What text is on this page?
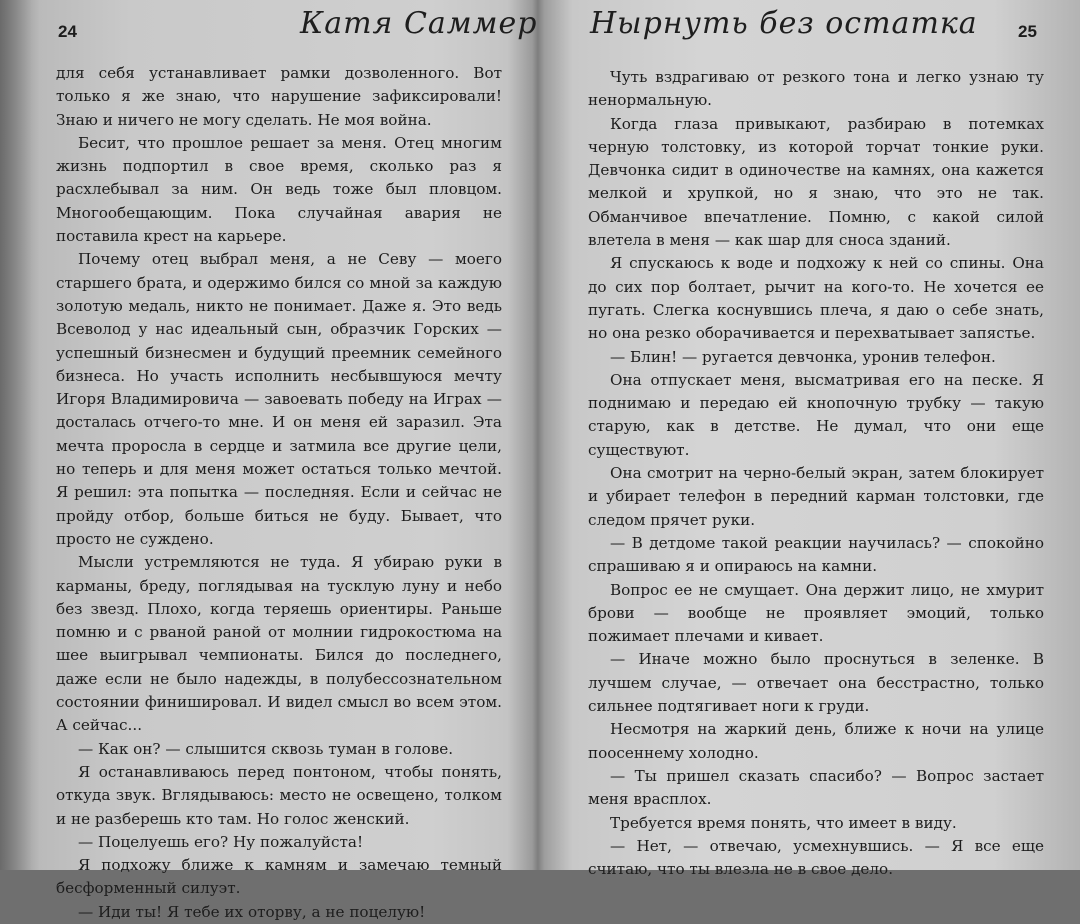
24	Катя Саммер

для себя устанавливает рамки дозволенного. Вот только я же знаю, что нарушение зафиксировали! Знаю и ничего не могу сделать. Не моя война.

Бесит, что прошлое решает за меня. Отец многим жизнь подпортил в свое время, сколько раз я расхлебывал за ним. Он ведь тоже был пловцом. Многообещающим. Пока случайная авария не поставила крест на карьере.

Почему отец выбрал меня, а не Севу — моего старшего брата, и одержимо бился со мной за каждую золотую медаль, никто не понимает. Даже я. Это ведь Всеволод у нас идеальный сын, образчик Горских — успешный бизнесмен и будущий преемник семейного бизнеса. Но участь исполнить несбывшуюся мечту Игоря Владимировича — завоевать победу на Играх — досталась отчего-то мне. И он меня ей заразил. Эта мечта проросла в сердце и затмила все другие цели, но теперь и для меня может остаться только мечтой. Я решил: эта попытка — последняя. Если и сейчас не пройду отбор, больше биться не буду. Бывает, что просто не суждено.

Мысли устремляются не туда. Я убираю руки в карманы, бреду, поглядывая на тусклую луну и небо без звезд. Плохо, когда теряешь ориентиры. Раньше помню и с рваной раной от молнии гидрокостюма на шее выигрывал чемпионаты. Бился до последнего, даже если не было надежды, в полубессознательном состоянии финишировал. И видел смысл во всем этом. А сейчас...

— Как он? — слышится сквозь туман в голове.

Я останавливаюсь перед понтоном, чтобы понять, откуда звук. Вглядываюсь: место не освещено, толком и не разберешь кто там. Но голос женский.

— Поцелуешь его? Ну пожалуйста!

Я подхожу ближе к камням и замечаю темный бесформенный силуэт.

— Иди ты! Я тебе их оторву, а не поцелую!

25
Нырнуть без остатка

Чуть вздрагиваю от резкого тона и легко узнаю ту ненормальную.

Когда глаза привыкают, разбираю в потемках черную толстовку, из которой торчат тонкие руки. Девчонка сидит в одиночестве на камнях, она кажется мелкой и хрупкой, но я знаю, что это не так. Обманчивое впечатление. Помню, с какой силой влетела в меня — как шар для сноса зданий.

Я спускаюсь к воде и подхожу к ней со спины. Она до сих пор болтает, рычит на кого-то. Не хочется ее пугать. Слегка коснувшись плеча, я даю о себе знать, но она резко оборачивается и перехватывает запястье.

— Блин! — ругается девчонка, уронив телефон.

Она отпускает меня, высматривая его на песке. Я поднимаю и передаю ей кнопочную трубку — такую старую, как в детстве. Не думал, что они еще существуют.

Она смотрит на черно-белый экран, затем блокирует и убирает телефон в передний карман толстовки, где следом прячет руки.

— В детдоме такой реакции научилась? — спокойно спрашиваю я и опираюсь на камни.

Вопрос ее не смущает. Она держит лицо, не хмурит брови — вообще не проявляет эмоций, только пожимает плечами и кивает.

— Иначе можно было проснуться в зеленке. В лучшем случае, — отвечает она бесстрастно, только сильнее подтягивает ноги к груди.

Несмотря на жаркий день, ближе к ночи на улице поосеннему холодно.

— Ты пришел сказать спасибо? — Вопрос застает меня врасплох.

Требуется время понять, что имеет в виду.

— Нет, — отвечаю, усмехнувшись. — Я все еще считаю, что ты влезла не в свое дело.
